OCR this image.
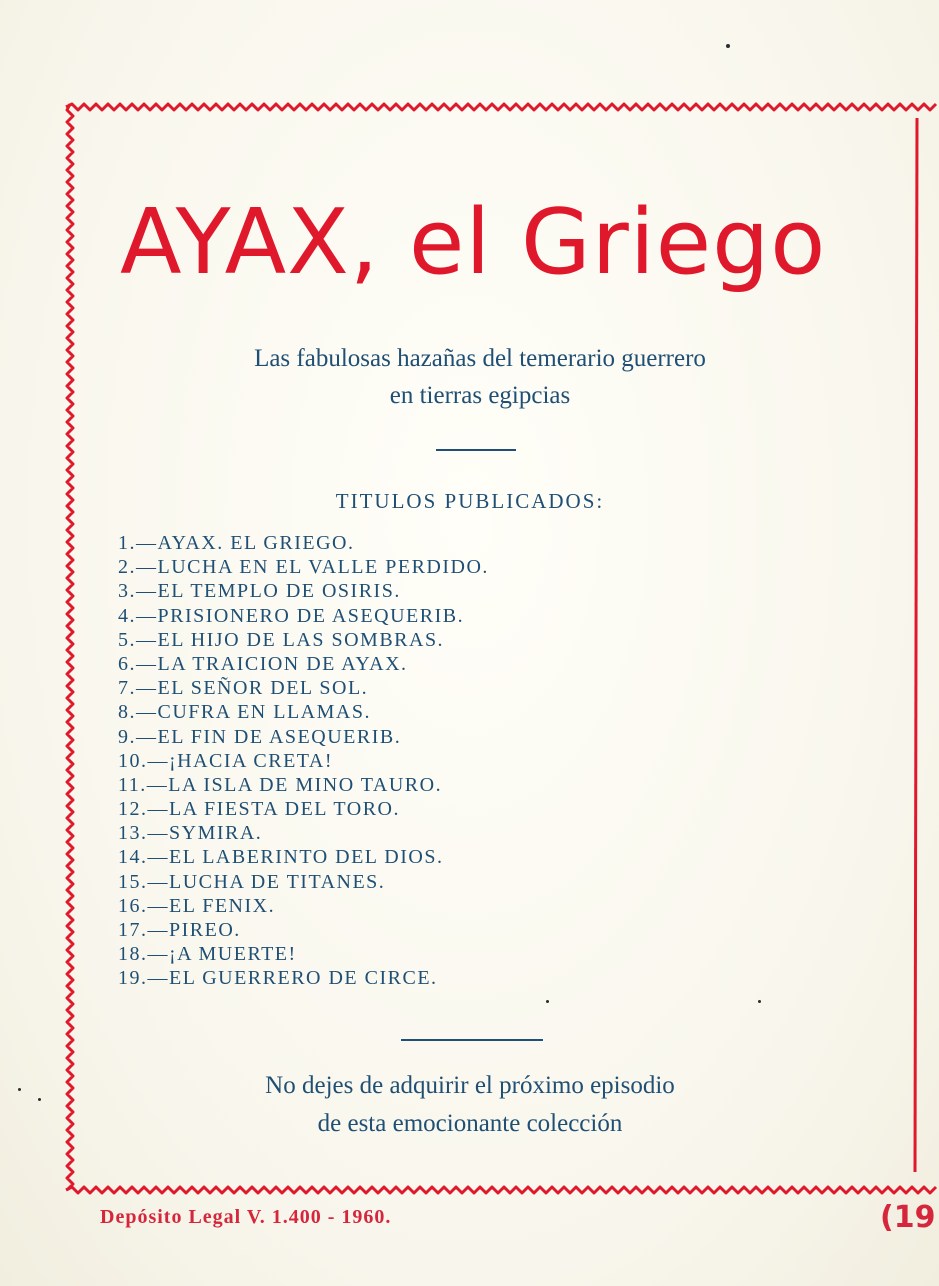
AYAX, el Griego
Las fabulosas hazañas del temerario guerrero
en tierras egipcias
TITULOS PUBLICADOS:
1.—AYAX. EL GRIEGO.
2.—LUCHA EN EL VALLE PERDIDO.
3.—EL TEMPLO DE OSIRIS.
4.—PRISIONERO DE ASEQUERIB.
5.—EL HIJO DE LAS SOMBRAS.
6.—LA TRAICION DE AYAX.
7.—EL SEÑOR DEL SOL.
8.—CUFRA EN LLAMAS.
9.—EL FIN DE ASEQUERIB.
10.—¡HACIA CRETA!
11.—LA ISLA DE MINO TAURO.
12.—LA FIESTA DEL TORO.
13.—SYMIRA.
14.—EL LABERINTO DEL DIOS.
15.—LUCHA DE TITANES.
16.—EL FENIX.
17.—PIREO.
18.—¡A MUERTE!
19.—EL GUERRERO DE CIRCE.
No dejes de adquirir el próximo episodio
de esta emocionante colección
Depósito Legal V. 1.400 - 1960.	(19
